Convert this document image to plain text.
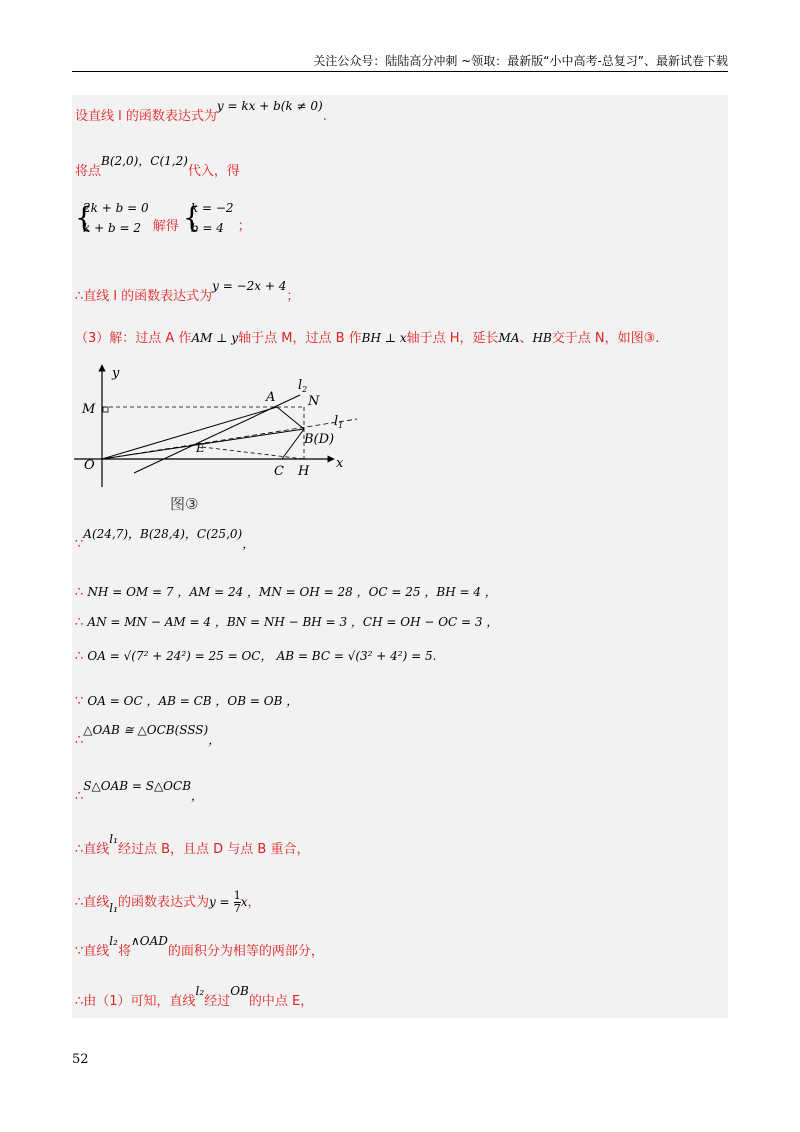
关注公众号：陆陆高分冲刺 ~领取：最新版“小中高考-总复习”、最新试卷下载
设直线 l 的函数表达式为y = kx + b(k ≠ 0).
将点B(2,0)，C(1,2)代入，得
{
2k + b = 0
k + b = 2 解得 {
k = −2
b = 4	；
∴直线 l 的函数表达式为y = −2x + 4；
（3）解：过点 A 作AM ⊥ y轴于点 M，过点 B 作BH ⊥ x轴于点 H，延长MA、HB交于点 N，如图③.
y
x
M
O
A	N
$l_2$
$l_1$
B(D)
E
C H
图③
∵A(24,7)，B(28,4)，C(25,0)，
∴ NH = OM = 7 ，AM = 24 ，MN = OH = 28 ，OC = 25 ，BH = 4 ，
∴ AN = MN − AM = 4 ，BN = NH − BH = 3 ，CH = OH − OC = 3 ，
∴ OA = √(7² + 24²) = 25 = OC， AB = BC = √(3² + 4²) = 5.
∵ OA = OC ，AB = CB ，OB = OB ，
∴△OAB ≅ △OCB(SSS)，
∴S△OAB = S△OCB，
∴直线l₁经过点 B，且点 D 与点 B 重合，
∴直线l₁的函数表达式为$y = \frac{1}{7}$ x，
∵直线l₂将∧OAD的面积分为相等的两部分，
∴由（1）可知，直线l₂经过OB的中点 E，
52
